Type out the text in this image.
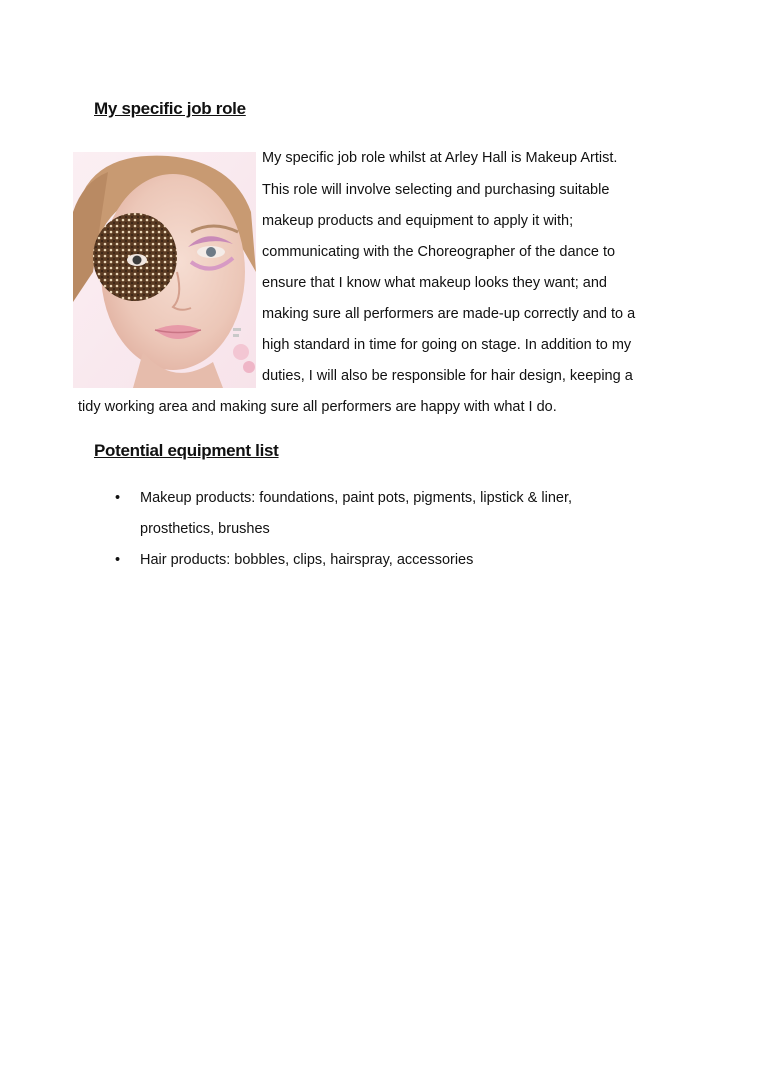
My specific job role
My specific job role whilst at Arley Hall is Makeup Artist.
This role will involve selecting and purchasing suitable
makeup products and equipment to apply it with;
communicating with the Choreographer of the dance to
ensure that I know what makeup looks they want; and
making sure all performers are made-up correctly and to a
high standard in time for going on stage. In addition to my
duties, I will also be responsible for hair design, keeping a
tidy working area and making sure all performers are happy with what I do.
Potential equipment list
• Makeup products: foundations, paint pots, pigments, lipstick & liner,
prosthetics, brushes
• Hair products: bobbles, clips, hairspray, accessories
